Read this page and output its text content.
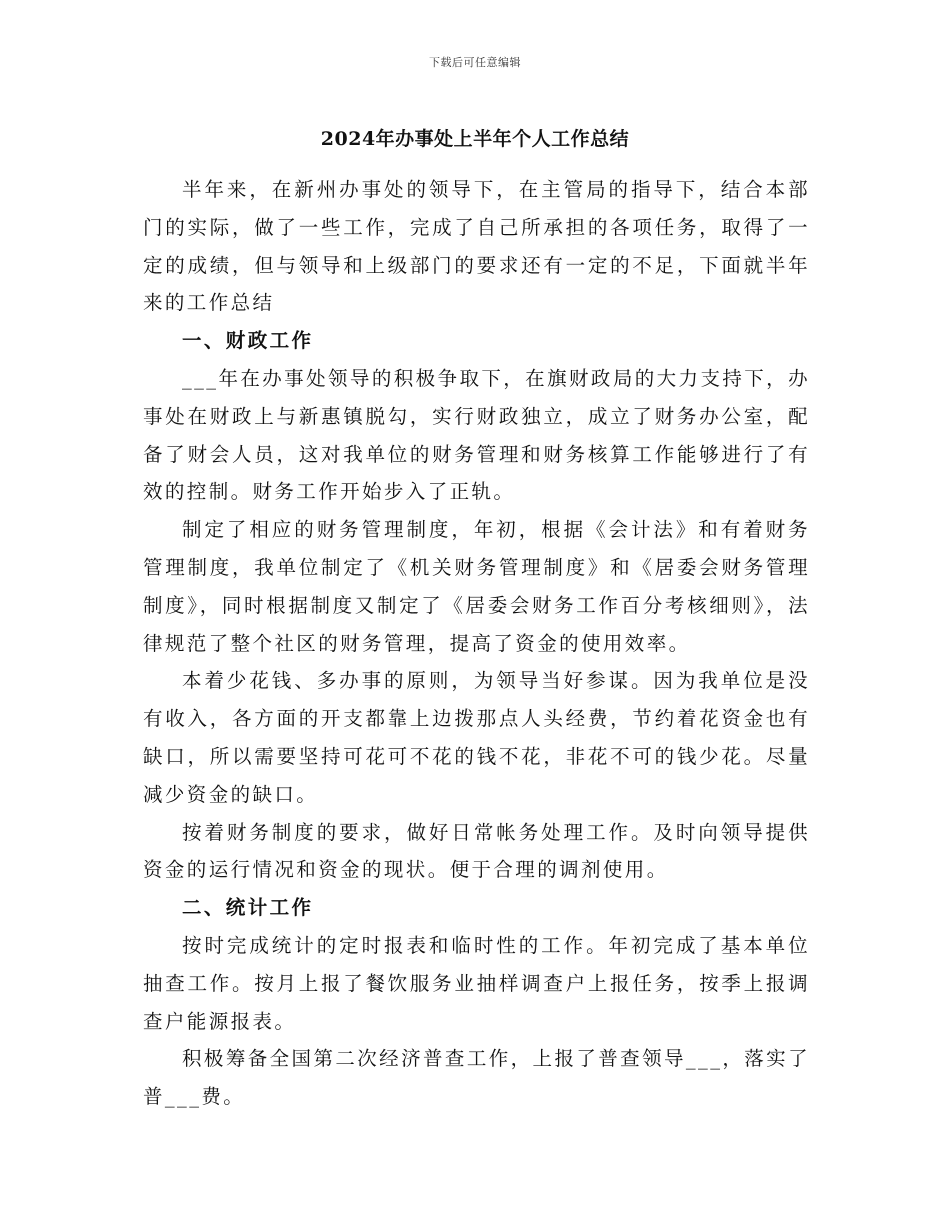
下载后可任意编辑
2024年办事处上半年个人工作总结

半年来，在新州办事处的领导下，在主管局的指导下，结合本部门的实际，做了一些工作，完成了自己所承担的各项任务，取得了一定的成绩，但与领导和上级部门的要求还有一定的不足，下面就半年来的工作总结

一、财政工作

___年在办事处领导的积极争取下，在旗财政局的大力支持下，办事处在财政上与新惠镇脱勾，实行财政独立，成立了财务办公室，配备了财会人员，这对我单位的财务管理和财务核算工作能够进行了有效的控制。财务工作开始步入了正轨。

制定了相应的财务管理制度，年初，根据《会计法》和有着财务管理制度，我单位制定了《机关财务管理制度》和《居委会财务管理制度》，同时根据制度又制定了《居委会财务工作百分考核细则》，法律规范了整个社区的财务管理，提高了资金的使用效率。

本着少花钱、多办事的原则，为领导当好参谋。因为我单位是没有收入，各方面的开支都靠上边拨那点人头经费，节约着花资金也有缺口，所以需要坚持可花可不花的钱不花，非花不可的钱少花。尽量减少资金的缺口。

按着财务制度的要求，做好日常帐务处理工作。及时向领导提供资金的运行情况和资金的现状。便于合理的调剂使用。

二、统计工作

按时完成统计的定时报表和临时性的工作。年初完成了基本单位抽查工作。按月上报了餐饮服务业抽样调查户上报任务，按季上报调查户能源报表。

积极筹备全国第二次经济普查工作，上报了普查领导___，落实了普___费。
